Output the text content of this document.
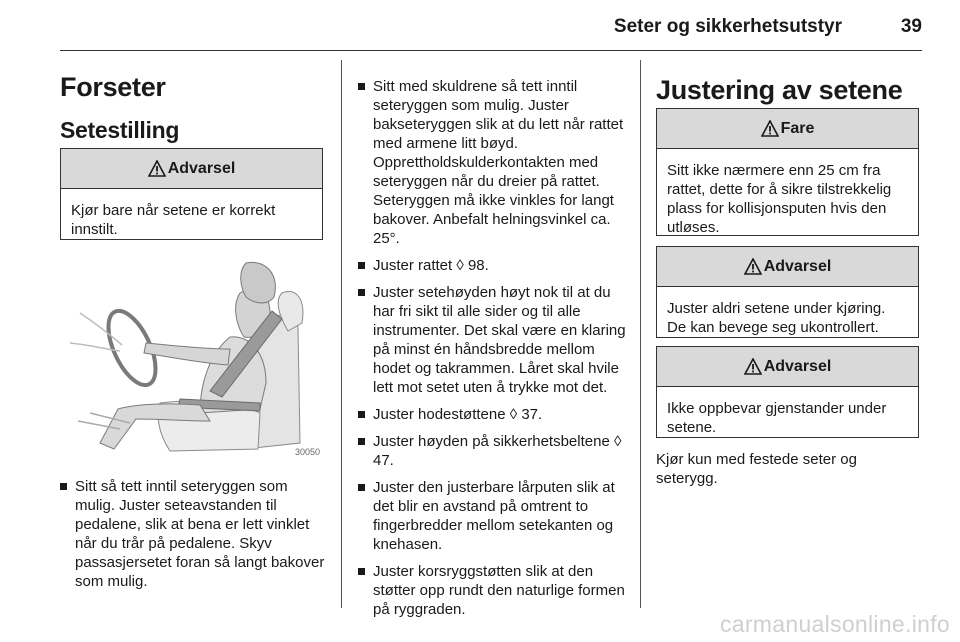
Seter og sikkerhetsutstyr	39
Forseter
Setestilling
Advarsel
Kjør bare når setene er korrekt innstilt.
30050
Sitt så tett inntil seteryggen som mulig. Juster seteavstanden til pedalene, slik at bena er lett vinklet når du trår på pedalene. Skyv passasjersetet foran så langt bakover som mulig.
Sitt med skuldrene så tett inntil seteryggen som mulig. Juster bakseteryggen slik at du lett når rattet med armene litt bøyd. Opprettholdskulderkontakten med seteryggen når du dreier på rattet. Seteryggen må ikke vinkles for langt bakover. Anbefalt helningsvinkel ca. 25°.
Juster rattet ◊ 98.
Juster setehøyden høyt nok til at du har fri sikt til alle sider og til alle instrumenter. Det skal være en klaring på minst én håndsbredde mellom hodet og takrammen. Låret skal hvile lett mot setet uten å trykke mot det.
Juster hodestøttene ◊ 37.
Juster høyden på sikkerhetsbeltene ◊ 47.
Juster den justerbare lårputen slik at det blir en avstand på omtrent to fingerbredder mellom setekanten og knehasen.
Juster korsryggstøtten slik at den støtter opp rundt den naturlige formen på ryggraden.
Justering av setene
Fare
Sitt ikke nærmere enn 25 cm fra rattet, dette for å sikre tilstrekkelig plass for kollisjonsputen hvis den utløses.
Advarsel
Juster aldri setene under kjøring. De kan bevege seg ukontrollert.
Advarsel
Ikke oppbevar gjenstander under setene.
Kjør kun med festede seter og seterygg.
carmanualsonline.info
